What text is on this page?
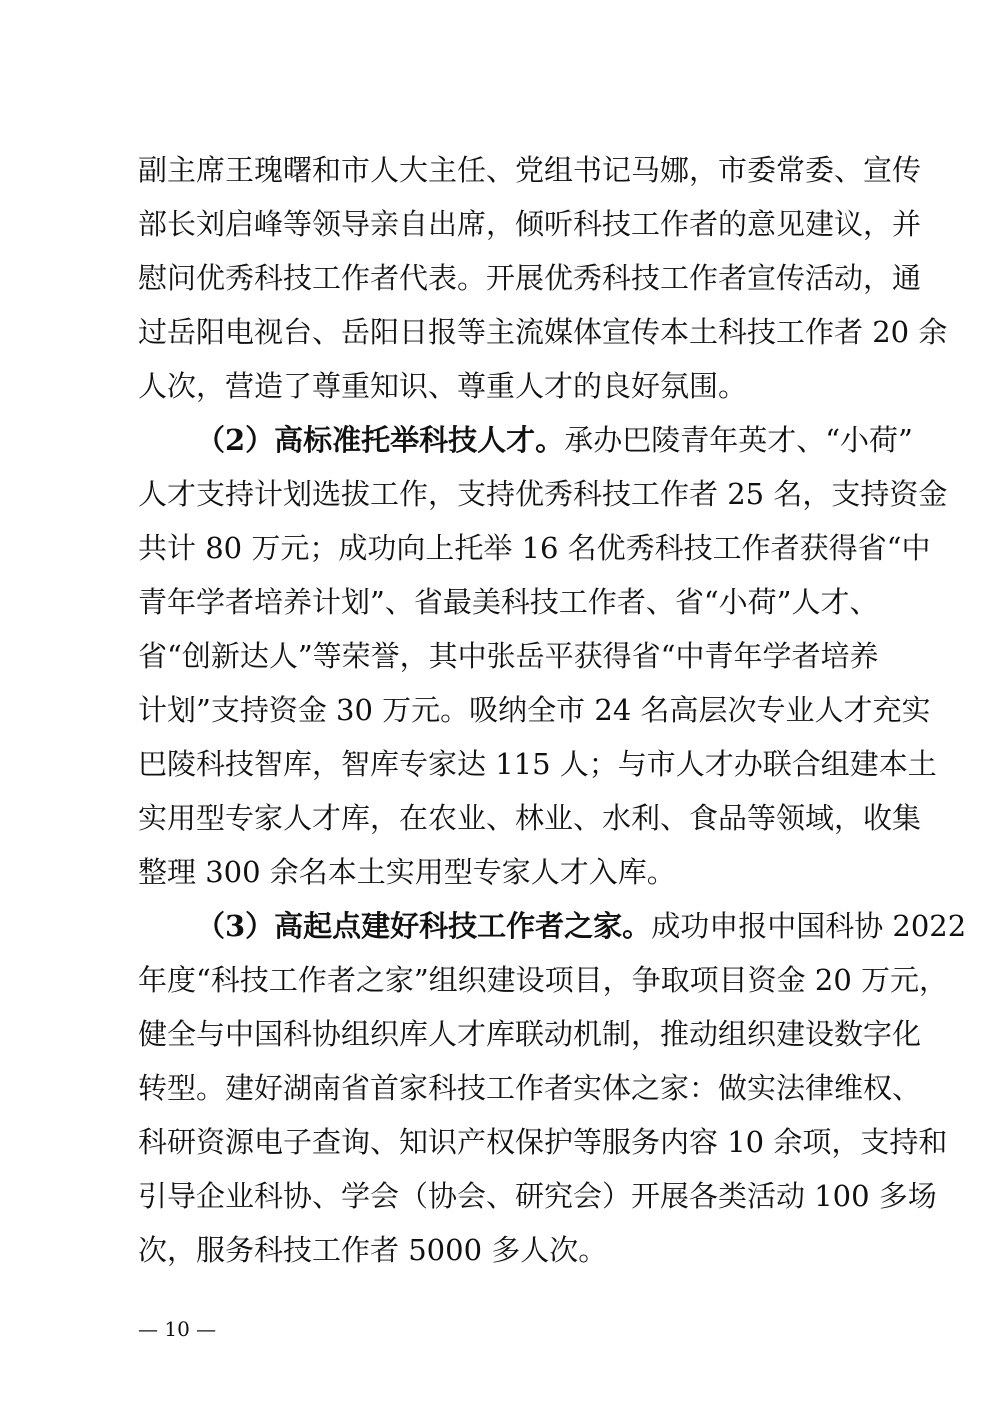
副主席王瑰曙和市人大主任、党组书记马娜，市委常委、宣传
部长刘启峰等领导亲自出席，倾听科技工作者的意见建议，并
慰问优秀科技工作者代表。开展优秀科技工作者宣传活动，通
过岳阳电视台、岳阳日报等主流媒体宣传本土科技工作者 20 余
人次，营造了尊重知识、尊重人才的良好氛围。
（2）高标准托举科技人才。承办巴陵青年英才、“小荷”
人才支持计划选拔工作，支持优秀科技工作者 25 名，支持资金
共计 80 万元；成功向上托举 16 名优秀科技工作者获得省“中
青年学者培养计划”、省最美科技工作者、省“小荷”人才、
省“创新达人”等荣誉，其中张岳平获得省“中青年学者培养
计划”支持资金 30 万元。吸纳全市 24 名高层次专业人才充实
巴陵科技智库，智库专家达 115 人；与市人才办联合组建本土
实用型专家人才库，在农业、林业、水利、食品等领域，收集
整理 300 余名本土实用型专家人才入库。
（3）高起点建好科技工作者之家。成功申报中国科协 2022
年度“科技工作者之家”组织建设项目，争取项目资金 20 万元，
健全与中国科协组织库人才库联动机制，推动组织建设数字化
转型。建好湖南省首家科技工作者实体之家：做实法律维权、
科研资源电子查询、知识产权保护等服务内容 10 余项，支持和
引导企业科协、学会（协会、研究会）开展各类活动 100 多场
次，服务科技工作者 5000 多人次。
— 10 —
